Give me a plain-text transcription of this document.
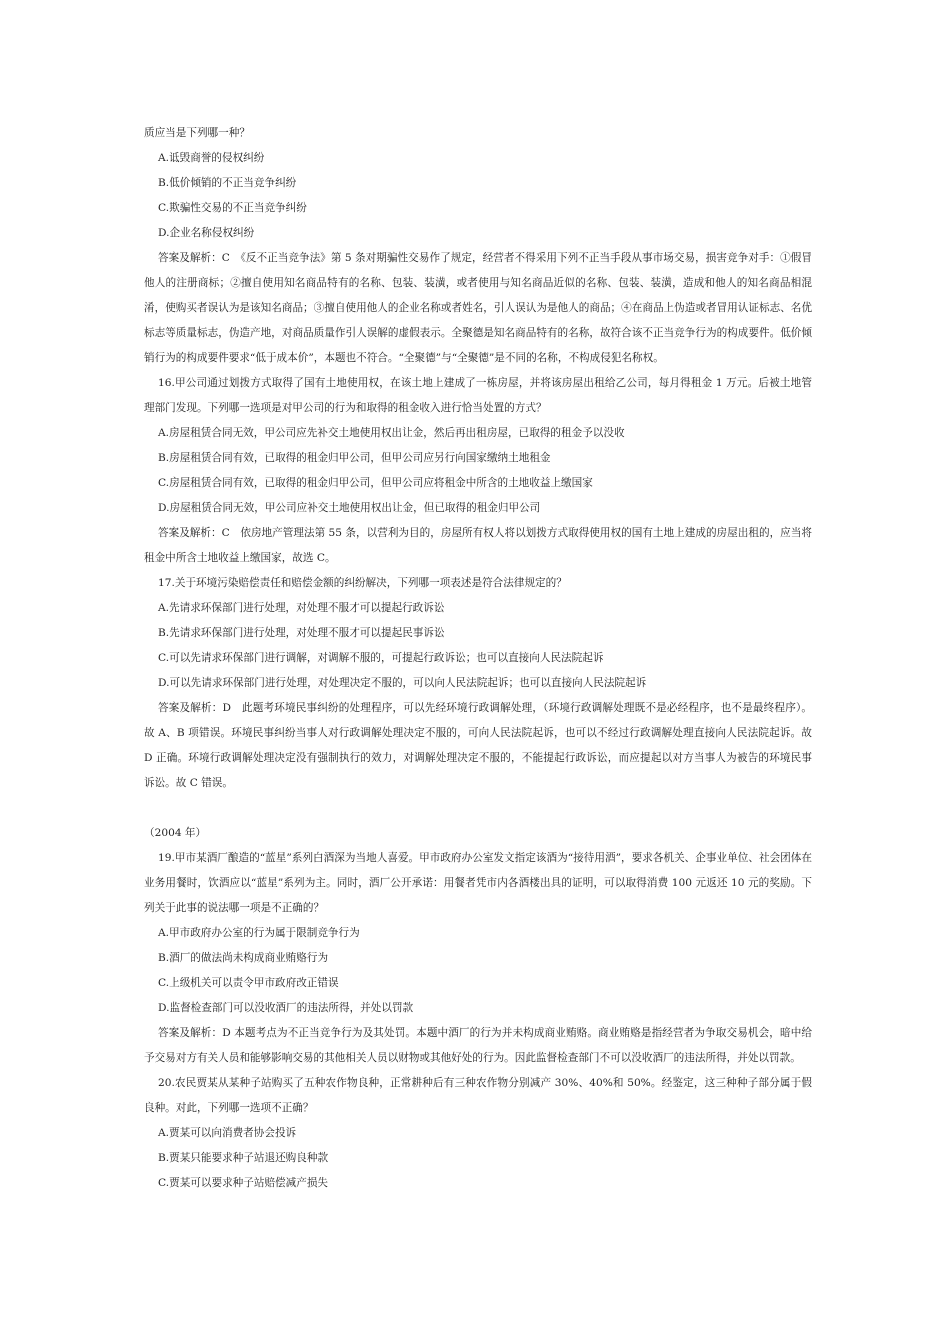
质应当是下列哪一种？

A.诋毁商誉的侵权纠纷

B.低价倾销的不正当竞争纠纷

C.欺骗性交易的不正当竞争纠纷

D.企业名称侵权纠纷

答案及解析：C　《反不正当竞争法》第 5 条对期骗性交易作了规定，经营者不得采用下列不正当手段从事市场交易，损害竞争对手：①假冒他人的注册商标；②擅自使用知名商品特有的名称、包装、装潢，或者使用与知名商品近似的名称、包装、装潢，造成和他人的知名商品相混淆，使购买者误认为是该知名商品；③擅自使用他人的企业名称或者姓名，引人误认为是他人的商品；④在商品上伪造或者冒用认证标志、名优标志等质量标志，伪造产地，对商品质量作引人误解的虚假表示。全聚德是知名商品特有的名称，故符合该不正当竞争行为的构成要件。低价倾销行为的构成要件要求“低于成本价”，本题也不符合。“全聚德”与“全聚德”是不同的名称，不构成侵犯名称权。

16.甲公司通过划拨方式取得了国有土地使用权，在该土地上建成了一栋房屋，并将该房屋出租给乙公司，每月得租金 1 万元。后被土地管理部门发现。下列哪一选项是对甲公司的行为和取得的租金收入进行恰当处置的方式？

A.房屋租赁合同无效，甲公司应先补交土地使用权出让金，然后再出租房屋，已取得的租金予以没收

B.房屋租赁合同有效，已取得的租金归甲公司，但甲公司应另行向国家缴纳土地租金

C.房屋租赁合同有效，已取得的租金归甲公司，但甲公司应将租金中所含的土地收益上缴国家

D.房屋租赁合同无效，甲公司应补交土地使用权出让金，但已取得的租金归甲公司

答案及解析：C　依房地产管理法第 55 条，以营利为目的，房屋所有权人将以划拨方式取得使用权的国有土地上建成的房屋出租的，应当将租金中所含土地收益上缴国家，故选 C。

17.关于环境污染赔偿责任和赔偿金额的纠纷解决，下列哪一项表述是符合法律规定的？

A.先请求环保部门进行处理，对处理不服才可以提起行政诉讼

B.先请求环保部门进行处理，对处理不服才可以提起民事诉讼

C.可以先请求环保部门进行调解，对调解不服的，可提起行政诉讼；也可以直接向人民法院起诉

D.可以先请求环保部门进行处理，对处理决定不服的，可以向人民法院起诉；也可以直接向人民法院起诉

答案及解析：D　此题考环境民事纠纷的处理程序，可以先经环境行政调解处理，（环境行政调解处理既不是必经程序，也不是最终程序）。故 A、B 项错误。环境民事纠纷当事人对行政调解处理决定不服的，可向人民法院起诉，也可以不经过行政调解处理直接向人民法院起诉。故 D 正确。环境行政调解处理决定没有强制执行的效力，对调解处理决定不服的，不能提起行政诉讼，而应提起以对方当事人为被告的环境民事诉讼。故 C 错误。

（2004 年）

19.甲市某酒厂酿造的“蓝星”系列白酒深为当地人喜爱。甲市政府办公室发文指定该酒为“接待用酒”，要求各机关、企事业单位、社会团体在业务用餐时，饮酒应以“蓝星”系列为主。同时，酒厂公开承诺：用餐者凭市内各酒楼出具的证明，可以取得消费 100 元返还 10 元的奖励。下列关于此事的说法哪一项是不正确的？

A.甲市政府办公室的行为属于限制竞争行为

B.酒厂的做法尚未构成商业贿赂行为

C.上级机关可以责令甲市政府改正错误

D.监督检查部门可以没收酒厂的违法所得，并处以罚款

答案及解析：D 本题考点为不正当竞争行为及其处罚。本题中酒厂的行为并未构成商业贿赂。商业贿赂是指经营者为争取交易机会，暗中给予交易对方有关人员和能够影响交易的其他相关人员以财物或其他好处的行为。因此监督检查部门不可以没收酒厂的违法所得，并处以罚款。

20.农民贾某从某种子站购买了五种农作物良种，正常耕种后有三种农作物分别减产 30%、40%和 50%。经鉴定，这三种种子部分属于假良种。对此，下列哪一选项不正确？

A.贾某可以向消费者协会投诉

B.贾某只能要求种子站退还购良种款

C.贾某可以要求种子站赔偿减产损失
